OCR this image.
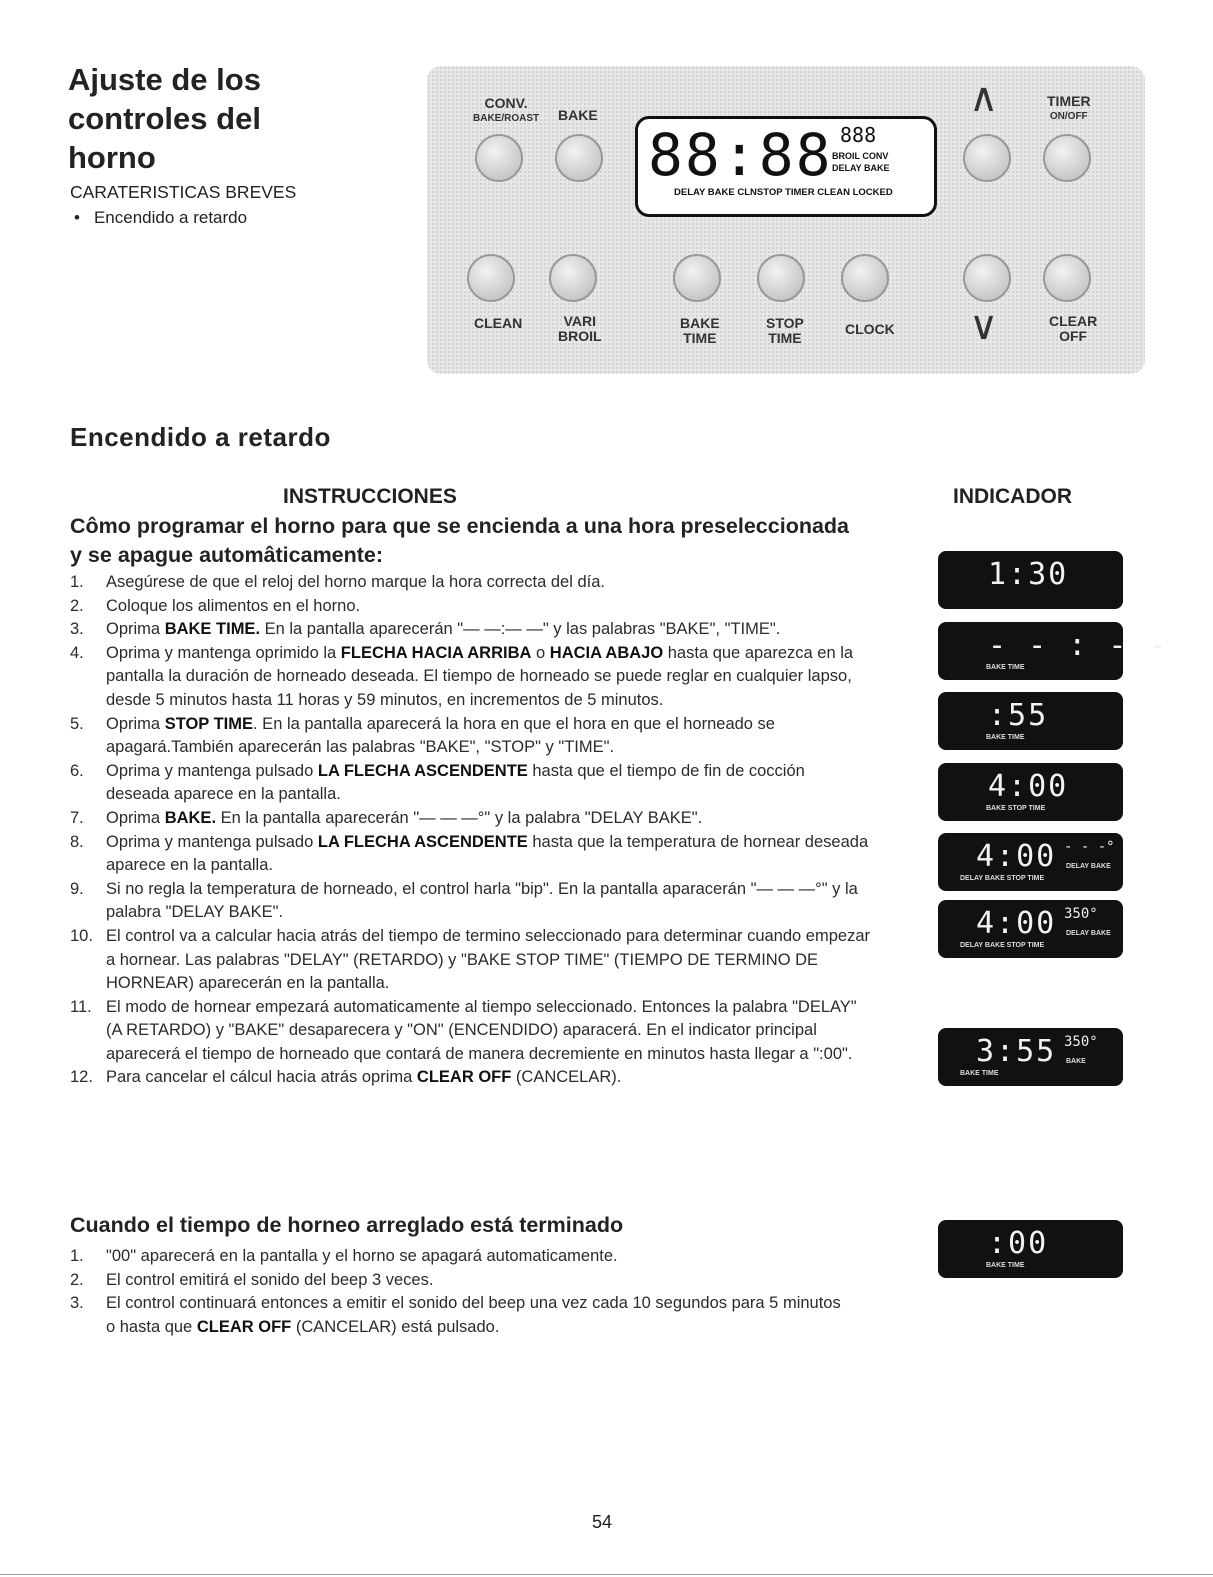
Ajuste de los
controles del
horno
CARATERISTICAS BREVES
• Encendido a retardo
CONV.
BAKE/ROAST BAKE
88:88 888
BROIL CONV
DELAY BAKE
DELAY BAKE CLNSTOP TIMER CLEAN LOCKED
∧	TIMER
ON/OFF
CLEAN	VARI
BROIL
BAKE
TIME
STOP
TIME
CLOCK ∨	CLEAR
OFF
Encendido a retardo
INSTRUCCIONES	INDICADOR
Cômo programar el horno para que se encienda a una hora preseleccionada y se apague automâticamente:
1. Asegúrese de que el reloj del horno marque la hora correcta del día.
2. Coloque los alimentos en el horno.
3. Oprima BAKE TIME. En la pantalla aparecerán "— —:— —" y las palabras "BAKE", "TIME".
4. Oprima y mantenga oprimido la FLECHA HACIA ARRIBA o HACIA ABAJO hasta que aparezca en la pantalla la duración de horneado deseada. El tiempo de horneado se puede reglar en cualquier lapso, desde 5 minutos hasta 11 horas y 59 minutos, en incrementos de 5 minutos.
5. Oprima STOP TIME. En la pantalla aparecerá la hora en que el hora en que el horneado se apagará.También aparecerán las palabras "BAKE", "STOP" y "TIME".
6. Oprima y mantenga pulsado LA FLECHA ASCENDENTE hasta que el tiempo de fin de cocción deseada aparece en la pantalla.
7. Oprima BAKE. En la pantalla aparecerán "— — —°" y la palabra "DELAY BAKE".
8. Oprima y mantenga pulsado LA FLECHA ASCENDENTE hasta que la temperatura de hornear deseada aparece en la pantalla.
9. Si no regla la temperatura de horneado, el control harla "bip". En la pantalla aparacerán "— — —°" y la palabra "DELAY BAKE".
10. El control va a calcular hacia atrás del tiempo de termino seleccionado para determinar cuando empezar a hornear. Las palabras "DELAY" (RETARDO) y "BAKE STOP TIME" (TIEMPO DE TERMINO DE HORNEAR) aparecerán en la pantalla.
11. El modo de hornear empezará automaticamente al tiempo seleccionado. Entonces la palabra "DELAY" (A RETARDO) y "BAKE" desaparecera y "ON" (ENCENDIDO) aparacerá. En el indicator principal aparecerá el tiempo de horneado que contará de manera decremiente en minutos hasta llegar a ":00".
12. Para cancelar el cálcul hacia atrás oprima CLEAR OFF (CANCELAR).
Cuando el tiempo de horneo arreglado está terminado
1. "00" aparecerá en la pantalla y el horno se apagará automaticamente.
2. El control emitirá el sonido del beep 3 veces.
3. El control continuará entonces a emitir el sonido del beep una vez cada 10 segundos para 5 minutos o hasta que CLEAR OFF (CANCELAR) está pulsado.
1:30
- - : - -
BAKE TIME
:55
BAKE TIME
4:00
BAKE STOP TIME
4:00 - - -°
DELAY BAKE STOP TIME
DELAY BAKE
4:00 350°
DELAY BAKE STOP TIME
DELAY BAKE
3:55 350°
BAKE TIME
BAKE
:00
BAKE TIME
54
